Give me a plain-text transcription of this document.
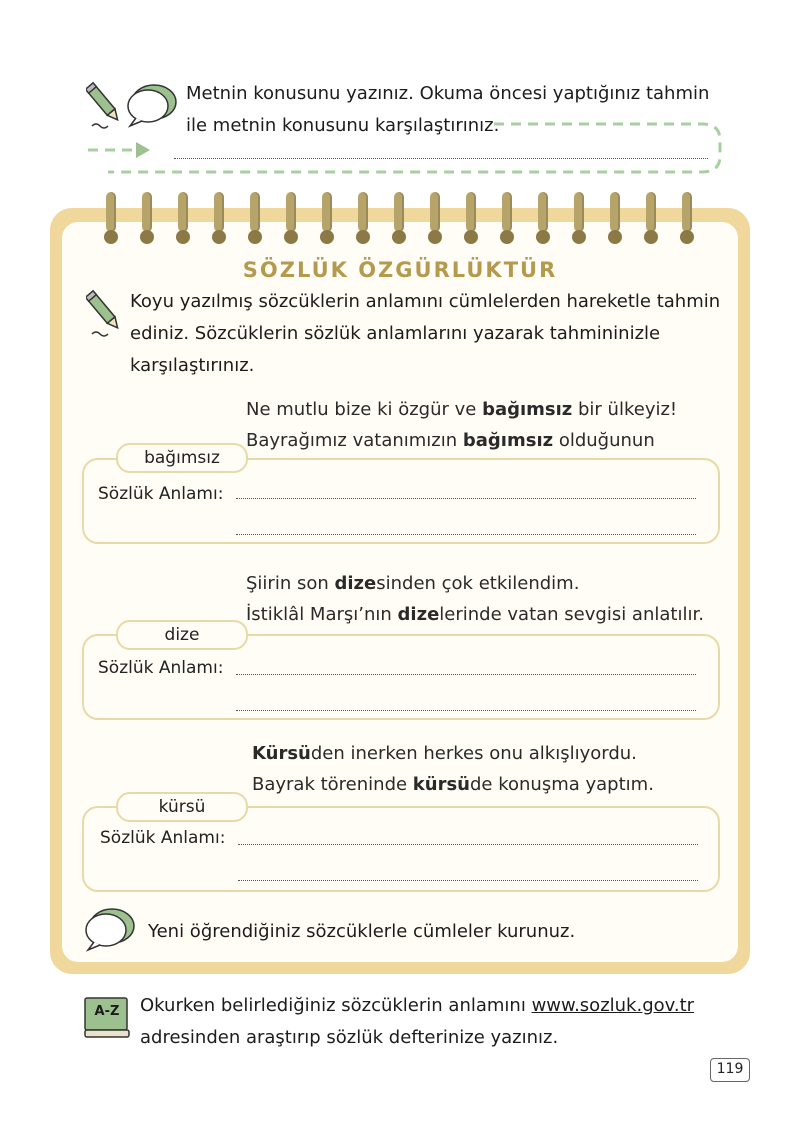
Metnin konusunu yazınız. Okuma öncesi yaptığınız tahmin
ile metnin konusunu karşılaştırınız.
SÖZLÜK ÖZGÜRLÜKTÜR
Koyu yazılmış sözcüklerin anlamını cümlelerden hareketle tahmin
ediniz. Sözcüklerin sözlük anlamlarını yazarak tahmininizle
karşılaştırınız.
Ne mutlu bize ki özgür ve bağımsız bir ülkeyiz!
Bayrağımız vatanımızın bağımsız olduğunun
bağımsız
Sözlük Anlamı:
Şiirin son dizesinden çok etkilendim.
İstiklâl Marşı’nın dizelerinde vatan sevgisi anlatılır.
dize
Sözlük Anlamı:
Kürsüden inerken herkes onu alkışlıyordu.
Bayrak töreninde kürsüde konuşma yaptım.
kürsü
Sözlük Anlamı:
Yeni öğrendiğiniz sözcüklerle cümleler kurunuz.
A-Z	Okurken belirlediğiniz sözcüklerin anlamını www.sozluk.gov.tr
adresinden araştırıp sözlük defterinize yazınız.
119
